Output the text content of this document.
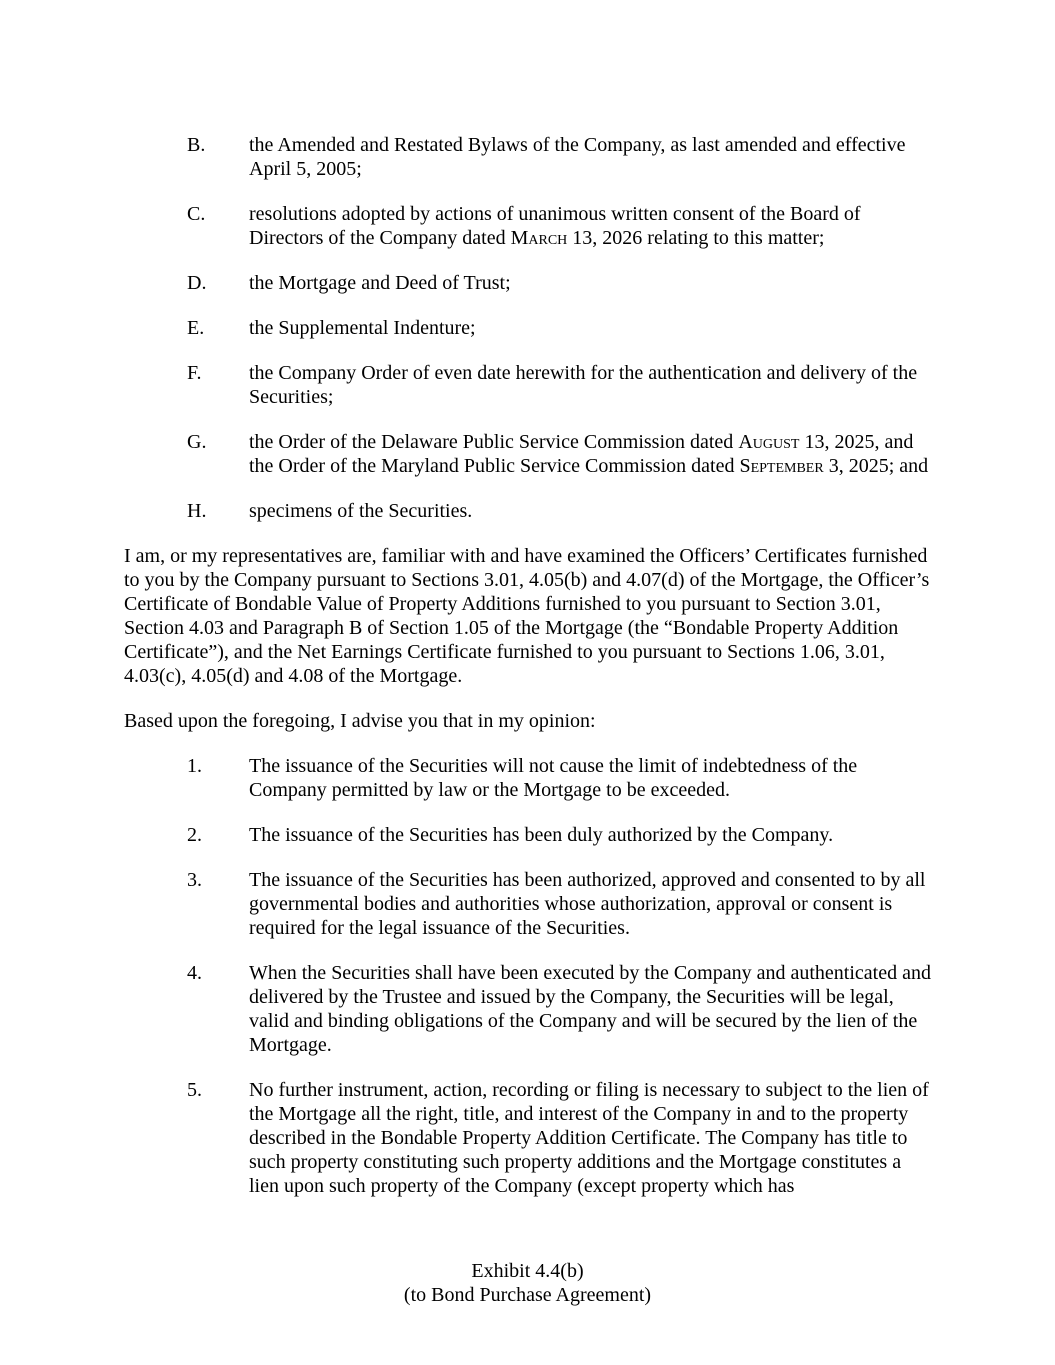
B.	the Amended and Restated Bylaws of the Company, as last amended and effective April 5, 2005;
C.	resolutions adopted by actions of unanimous written consent of the Board of Directors of the Company dated March 13, 2026 relating to this matter;
D.	the Mortgage and Deed of Trust;
E.	the Supplemental Indenture;
F.	the Company Order of even date herewith for the authentication and delivery of the Securities;
G.	the Order of the Delaware Public Service Commission dated August 13, 2025, and the Order of the Maryland Public Service Commission dated September 3, 2025; and
H.	specimens of the Securities.

I am, or my representatives are, familiar with and have examined the Officers’ Certificates furnished to you by the Company pursuant to Sections 3.01, 4.05(b) and 4.07(d) of the Mortgage, the Officer’s Certificate of Bondable Value of Property Additions furnished to you pursuant to Section 3.01, Section 4.03 and Paragraph B of Section 1.05 of the Mortgage (the “Bondable Property Addition Certificate”), and the Net Earnings Certificate furnished to you pursuant to Sections 1.06, 3.01, 4.03(c), 4.05(d) and 4.08 of the Mortgage.

Based upon the foregoing, I advise you that in my opinion:

1.	The issuance of the Securities will not cause the limit of indebtedness of the Company permitted by law or the Mortgage to be exceeded.
2.	The issuance of the Securities has been duly authorized by the Company.
3.	The issuance of the Securities has been authorized, approved and consented to by all governmental bodies and authorities whose authorization, approval or consent is required for the legal issuance of the Securities.
4.	When the Securities shall have been executed by the Company and authenticated and delivered by the Trustee and issued by the Company, the Securities will be legal, valid and binding obligations of the Company and will be secured by the lien of the Mortgage.
5.	No further instrument, action, recording or filing is necessary to subject to the lien of the Mortgage all the right, title, and interest of the Company in and to the property described in the Bondable Property Addition Certificate. The Company has title to such property constituting such property additions and the Mortgage constitutes a lien upon such property of the Company (except property which has
Exhibit 4.4(b)
(to Bond Purchase Agreement)
